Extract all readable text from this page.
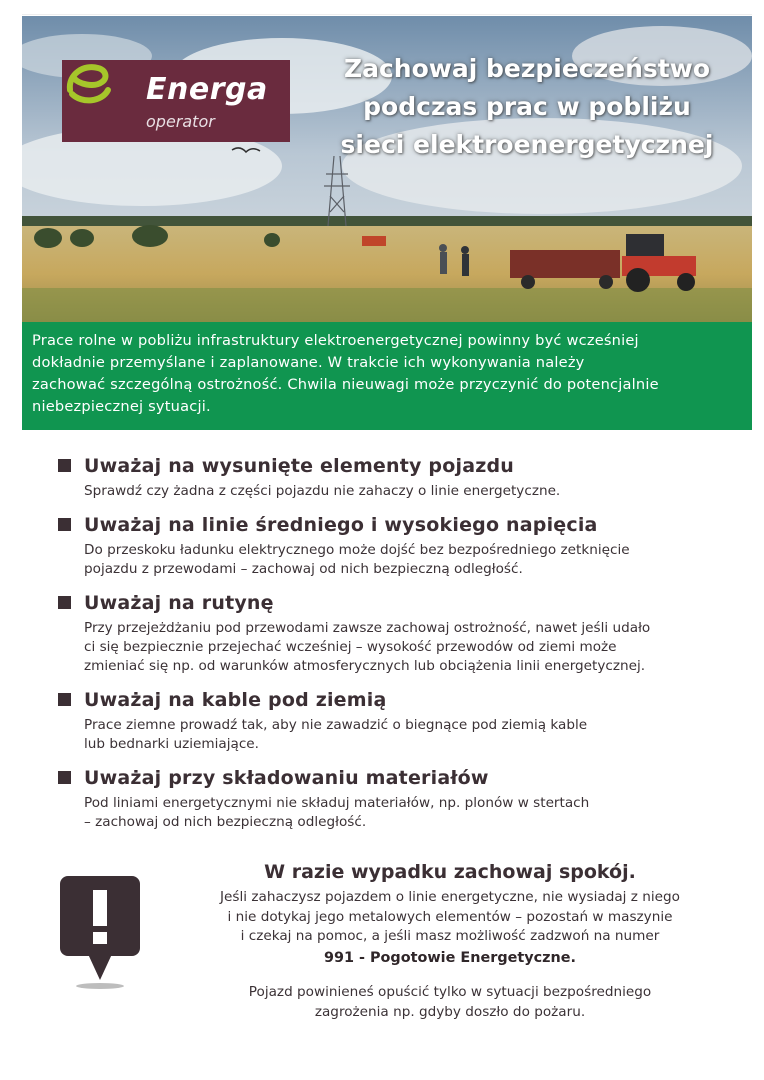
Energa
operator
Zachowaj bezpieczeństwo
podczas prac w pobliżu
sieci elektroenergetycznej
Prace rolne w pobliżu infrastruktury elektroenergetycznej powinny być wcześniej
dokładnie przemyślane i zaplanowane. W trakcie ich wykonywania należy
zachować szczególną ostrożność. Chwila nieuwagi może przyczynić do potencjalnie
niebezpiecznej sytuacji.
Uważaj na wysunięte elementy pojazdu
Sprawdź czy żadna z części pojazdu nie zahaczy o linie energetyczne.
Uważaj na linie średniego i wysokiego napięcia
Do przeskoku ładunku elektrycznego może dojść bez bezpośredniego zetknięcie
pojazdu z przewodami – zachowaj od nich bezpieczną odległość.
Uważaj na rutynę
Przy przejeżdżaniu pod przewodami zawsze zachowaj ostrożność, nawet jeśli udało
ci się bezpiecznie przejechać wcześniej – wysokość przewodów od ziemi może
zmieniać się np. od warunków atmosferycznych lub obciążenia linii energetycznej.
Uważaj na kable pod ziemią
Prace ziemne prowadź tak, aby nie zawadzić o biegnące pod ziemią kable
lub bednarki uziemiające.
Uważaj przy składowaniu materiałów
Pod liniami energetycznymi nie składuj materiałów, np. plonów w stertach
– zachowaj od nich bezpieczną odległość.
W razie wypadku zachowaj spokój.
Jeśli zahaczysz pojazdem o linie energetyczne, nie wysiadaj z niego
i nie dotykaj jego metalowych elementów – pozostań w maszynie
i czekaj na pomoc, a jeśli masz możliwość zadzwoń na numer
991 - Pogotowie Energetyczne.
Pojazd powinieneś opuścić tylko w sytuacji bezpośredniego
zagrożenia np. gdyby doszło do pożaru.
